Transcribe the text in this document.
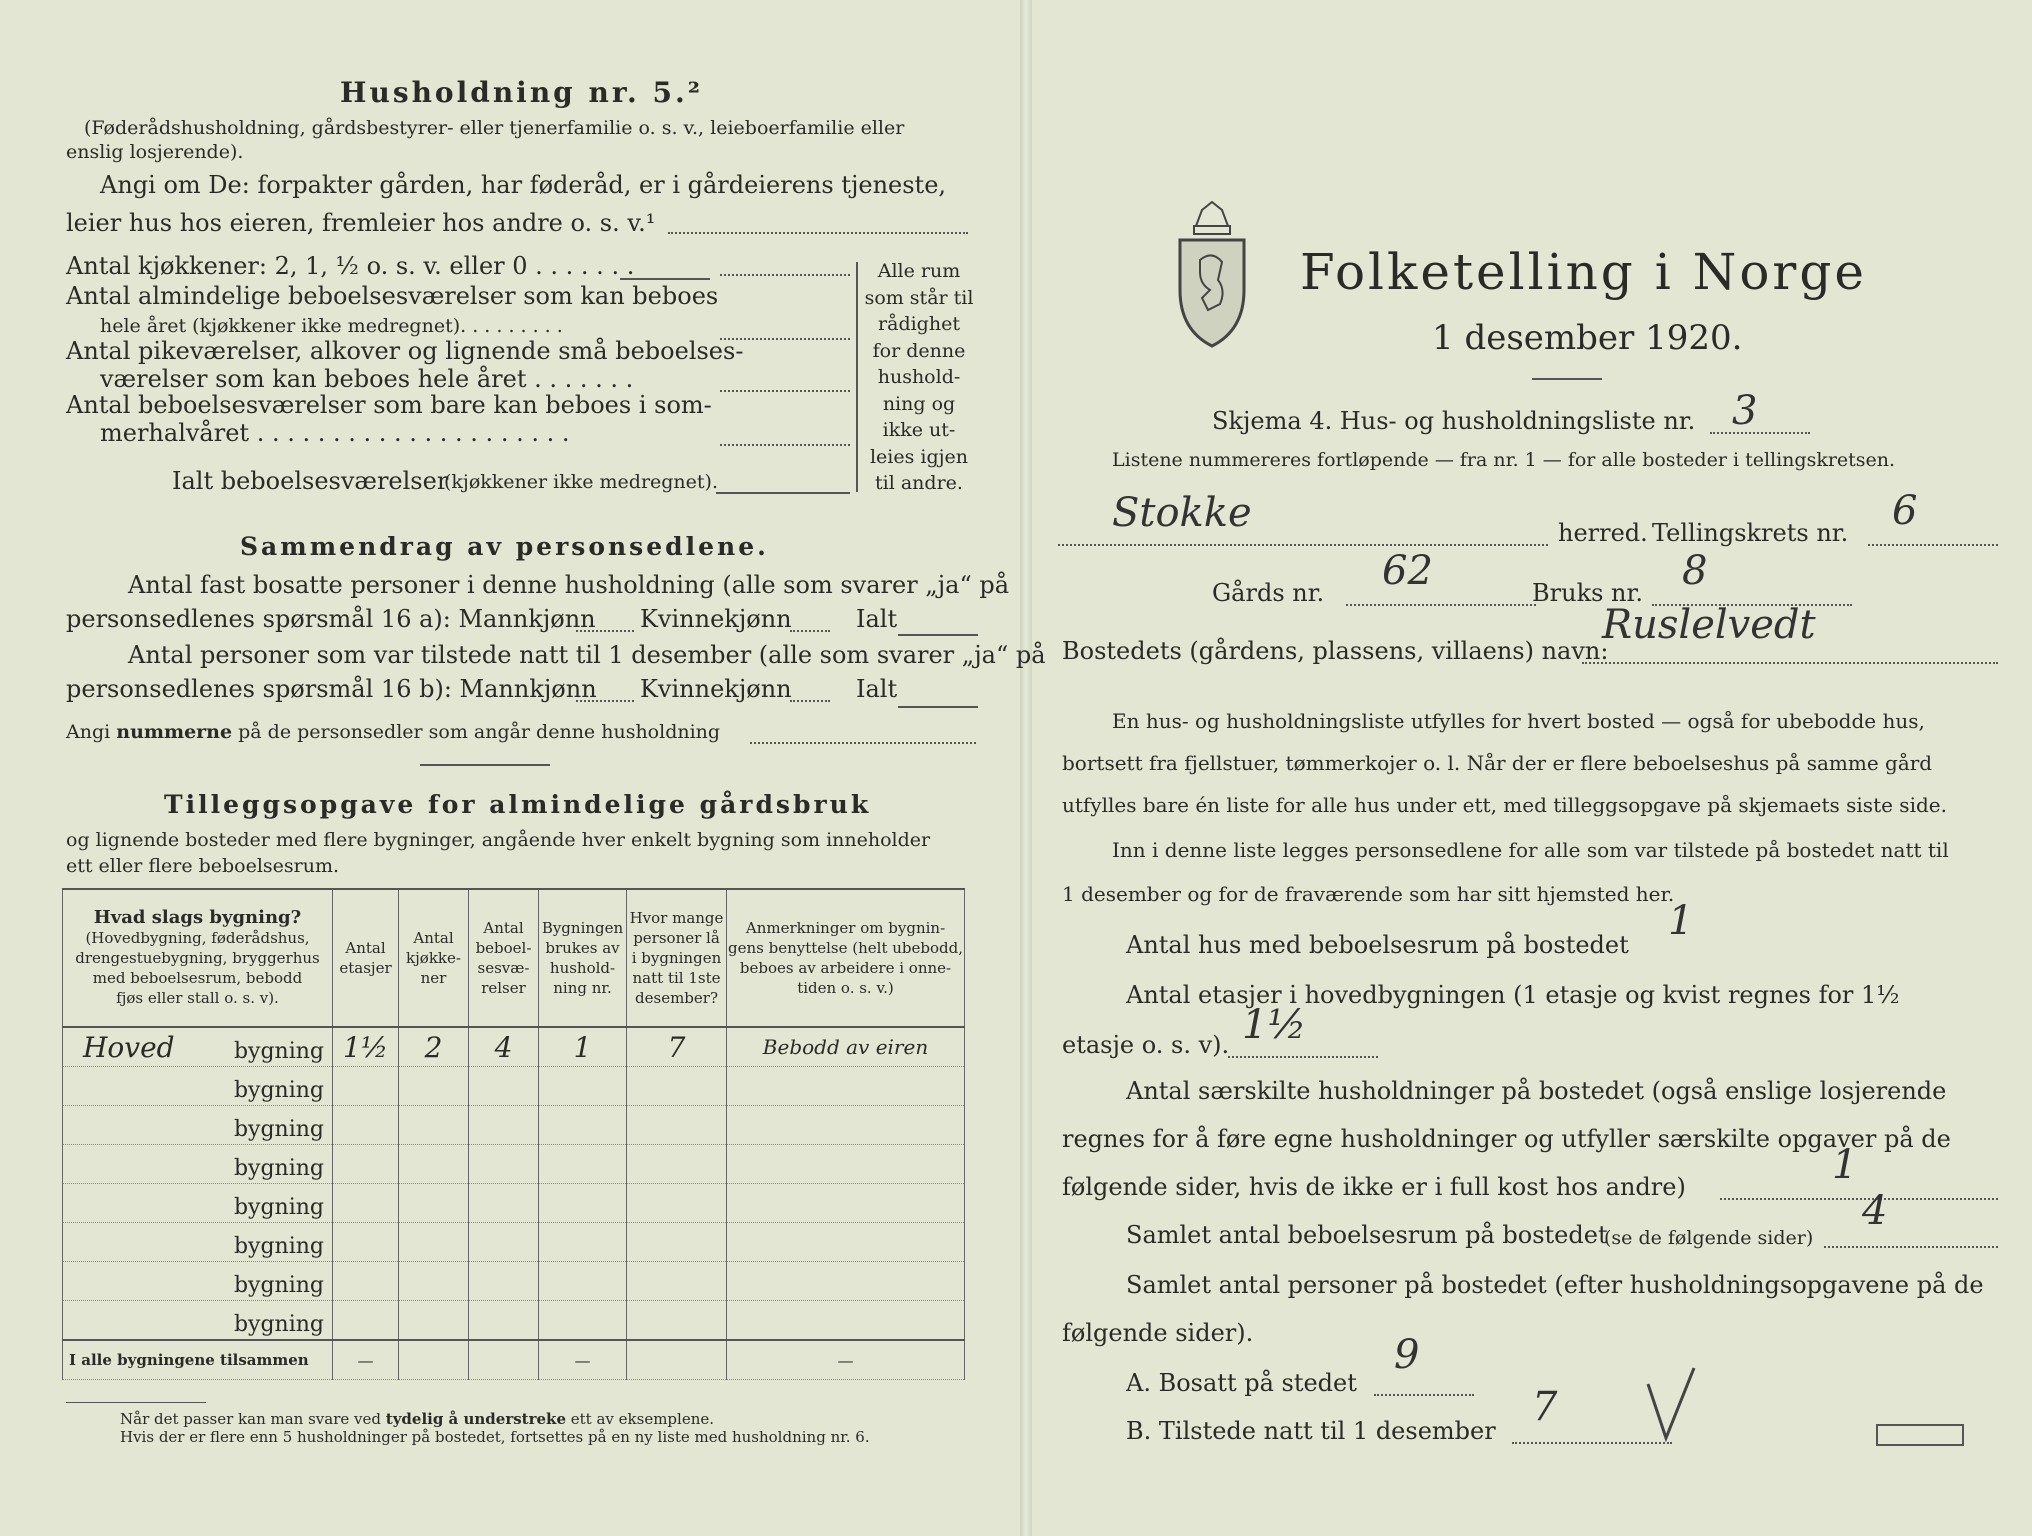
Husholdning nr. 5.²
(Føderådshusholdning, gårdsbestyrer- eller tjenerfamilie o. s. v., leieboerfamilie eller
enslig losjerende).
Angi om De: forpakter gården, har føderåd, er i gårdeierens tjeneste,
leier hus hos eieren, fremleier hos andre o. s. v.¹
Antal kjøkkener: 2, 1, ½ o. s. v. eller 0 . . . . . . .
Antal almindelige beboelsesværelser som kan beboes
hele året (kjøkkener ikke medregnet). . . . . . . . .
Antal pikeværelser, alkover og lignende små beboelses-
værelser som kan beboes hele året . . . . . . .
Antal beboelsesværelser som bare kan beboes i som-
merhalvåret . . . . . . . . . . . . . . . . . . . . .
Ialt beboelsesværelser
(kjøkkener ikke medregnet).
Alle rum
som står til
rådighet
for denne
hushold-
ning og
ikke ut-
leies igjen
til andre.
Sammendrag av personsedlene.
Antal fast bosatte personer i denne husholdning (alle som svarer „ja“ på
personsedlenes spørsmål 16 a): Mannkjønn Kvinnekjønn	Ialt
Antal personer som var tilstede natt til 1 desember (alle som svarer „ja“ på
personsedlenes spørsmål 16 b): Mannkjønn Kvinnekjønn	Ialt
Angi nummerne på de personsedler som angår denne husholdning
Tilleggsopgave for almindelige gårdsbruk
og lignende bosteder med flere bygninger, angående hver enkelt bygning som inneholder
ett eller flere beboelsesrum.
Hvad slags bygning?
(Hovedbygning, føderådshus,
drengestuebygning, bryggerhus
med beboelsesrum, bebodd
fjøs eller stall o. s. v).	Antal
etasjer	Antal
kjøkke-
ner	Antal
beboel-
sesvæ-
relser	Bygningen
brukes av
hushold-
ning nr.	Hvor mange
personer lå
i bygningen
natt til 1ste
desember?	Anmerkninger om bygnin-
gens benyttelse (helt ubebodd,
beboes av arbeidere i onne-
tiden o. s. v.)
Hoved bygning	1½	2	4	1	7	Bebodd av eiren

bygning						

bygning						

bygning						

bygning						

bygning						

bygning						

bygning						

I alle bygningene tilsammen	—			—		—
Når det passer kan man svare ved tydelig å understreke ett av eksemplene.
Hvis der er flere enn 5 husholdninger på bostedet, fortsettes på en ny liste med husholdning nr. 6.
Folketelling i Norge
1 desember 1920.
Skjema 4. Hus- og husholdningsliste nr. 3
Listene nummereres fortløpende — fra nr. 1 — for alle bosteder i tellingskretsen.
Stokke	herred. Tellingskrets nr. 6
Gårds nr. 62	Bruks nr. 8
Bostedets (gårdens, plassens, villaens) navn:
Ruslelvedt
En hus- og husholdningsliste utfylles for hvert bosted — også for ubebodde hus,
bortsett fra fjellstuer, tømmerkojer o. l. Når der er flere beboelseshus på samme gård
utfylles bare én liste for alle hus under ett, med tilleggsopgave på skjemaets siste side.
Inn i denne liste legges personsedlene for alle som var tilstede på bostedet natt til
1 desember og for de fraværende som har sitt hjemsted her.
Antal hus med beboelsesrum på bostedet
1
Antal etasjer i hovedbygningen (1 etasje og kvist regnes for 1½
etasje o. s. v). 1½
Antal særskilte husholdninger på bostedet (også enslige losjerende
regnes for å føre egne husholdninger og utfyller særskilte opgaver på de
følgende sider, hvis de ikke er i full kost hos andre)	1
Samlet antal beboelsesrum på bostedet
(se de følgende sider)
4
Samlet antal personer på bostedet (efter husholdningsopgavene på de
følgende sider).
A. Bosatt på stedet
9
B. Tilstede natt til 1 desember
7
